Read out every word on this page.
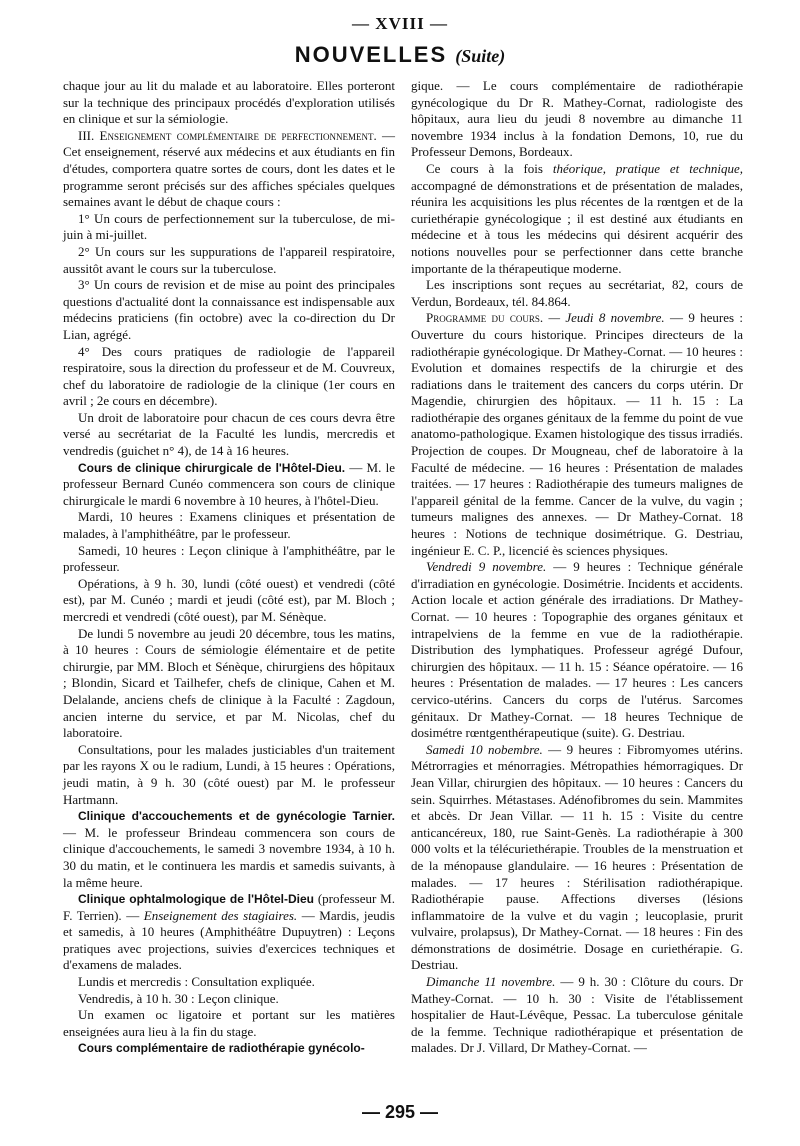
— XVIII —
NOUVELLES (Suite)

chaque jour au lit du malade et au laboratoire. Elles porteront sur la technique des principaux procédés d'exploration utilisés en clinique et sur la sémiologie.

III. Enseignement complémentaire de perfectionnement. — Cet enseignement, réservé aux médecins et aux étudiants en fin d'études, comportera quatre sortes de cours, dont les dates et le programme seront précisés sur des affiches spéciales quelques semaines avant le début de chaque cours :

1° Un cours de perfectionnement sur la tuberculose, de mi-juin à mi-juillet.

2° Un cours sur les suppurations de l'appareil respiratoire, aussitôt avant le cours sur la tuberculose.

3° Un cours de revision et de mise au point des principales questions d'actualité dont la connaissance est indispensable aux médecins praticiens (fin octobre) avec la co-direction du Dr Lian, agrégé.

4° Des cours pratiques de radiologie de l'appareil respiratoire, sous la direction du professeur et de M. Couvreux, chef du laboratoire de radiologie de la clinique (1er cours en avril ; 2e cours en décembre).

Un droit de laboratoire pour chacun de ces cours devra être versé au secrétariat de la Faculté les lundis, mercredis et vendredis (guichet n° 4), de 14 à 16 heures.

Cours de clinique chirurgicale de l'Hôtel-Dieu. — M. le professeur Bernard Cunéo commencera son cours de clinique chirurgicale le mardi 6 novembre à 10 heures, à l'hôtel-Dieu.

Mardi, 10 heures : Examens cliniques et présentation de malades, à l'amphithéâtre, par le professeur.

Samedi, 10 heures : Leçon clinique à l'amphithéâtre, par le professeur.

Opérations, à 9 h. 30, lundi (côté ouest) et vendredi (côté est), par M. Cunéo ; mardi et jeudi (côté est), par M. Bloch ; mercredi et vendredi (côté ouest), par M. Sénèque.

De lundi 5 novembre au jeudi 20 décembre, tous les matins, à 10 heures : Cours de sémiologie élémentaire et de petite chirurgie, par MM. Bloch et Sénèque, chirurgiens des hôpitaux ; Blondin, Sicard et Tailhefer, chefs de clinique, Cahen et M. Delalande, anciens chefs de clinique à la Faculté : Zagdoun, ancien interne du service, et par M. Nicolas, chef du laboratoire.

Consultations, pour les malades justiciables d'un traitement par les rayons X ou le radium, Lundi, à 15 heures : Opérations, jeudi matin, à 9 h. 30 (côté ouest) par M. le professeur Hartmann.

Clinique d'accouchements et de gynécologie Tarnier. — M. le professeur Brindeau commencera son cours de clinique d'accouchements, le samedi 3 novembre 1934, à 10 h. 30 du matin, et le continuera les mardis et samedis suivants, à la même heure.

Clinique ophtalmologique de l'Hôtel-Dieu (professeur M. F. Terrien). — Enseignement des stagiaires. — Mardis, jeudis et samedis, à 10 heures (Amphithéâtre Dupuytren) : Leçons pratiques avec projections, suivies d'exercices techniques et d'examens de malades.

Lundis et mercredis : Consultation expliquée.

Vendredis, à 10 h. 30 : Leçon clinique.

Un examen oc ligatoire et portant sur les matières enseignées aura lieu à la fin du stage.

Cours complémentaire de radiothérapie gynécolo-

gique. — Le cours complémentaire de radiothérapie gynécologique du Dr R. Mathey-Cornat, radiologiste des hôpitaux, aura lieu du jeudi 8 novembre au dimanche 11 novembre 1934 inclus à la fondation Demons, 10, rue du Professeur Demons, Bordeaux.

Ce cours à la fois théorique, pratique et technique, accompagné de démonstrations et de présentation de malades, réunira les acquisitions les plus récentes de la rœntgen et de la curiethérapie gynécologique ; il est destiné aux étudiants en médecine et à tous les médecins qui désirent acquérir des notions nouvelles pour se perfectionner dans cette branche importante de la thérapeutique moderne.

Les inscriptions sont reçues au secrétariat, 82, cours de Verdun, Bordeaux, tél. 84.864.

Programme du cours. — Jeudi 8 novembre. — 9 heures : Ouverture du cours historique. Principes directeurs de la radiothérapie gynécologique. Dr Mathey-Cornat. — 10 heures : Evolution et domaines respectifs de la chirurgie et des radiations dans le traitement des cancers du corps utérin. Dr Magendie, chirurgien des hôpitaux. — 11 h. 15 : La radiothérapie des organes génitaux de la femme du point de vue anatomo-pathologique. Examen histologique des tissus irradiés. Projection de coupes. Dr Mougneau, chef de laboratoire à la Faculté de médecine. — 16 heures : Présentation de malades traitées. — 17 heures : Radiothérapie des tumeurs malignes de l'appareil génital de la femme. Cancer de la vulve, du vagin ; tumeurs malignes des annexes. — Dr Mathey-Cornat. 18 heures : Notions de technique dosimétrique. G. Destriau, ingénieur E. C. P., licencié ès sciences physiques.

Vendredi 9 novembre. — 9 heures : Technique générale d'irradiation en gynécologie. Dosimétrie. Incidents et accidents. Action locale et action générale des irradiations. Dr Mathey-Cornat. — 10 heures : Topographie des organes génitaux et intrapelviens de la femme en vue de la radiothérapie. Distribution des lymphatiques. Professeur agrégé Dufour, chirurgien des hôpitaux. — 11 h. 15 : Séance opératoire. — 16 heures : Présentation de malades. — 17 heures : Les cancers cervico-utérins. Cancers du corps de l'utérus. Sarcomes génitaux. Dr Mathey-Cornat. — 18 heures Technique de dosimétre rœntgenthérapeutique (suite). G. Destriau.

Samedi 10 nobembre. — 9 heures : Fibromyomes utérins. Métrorragies et ménorragies. Métropathies hémorragiques. Dr Jean Villar, chirurgien des hôpitaux. — 10 heures : Cancers du sein. Squirrhes. Métastases. Adénofibromes du sein. Mammites et abcès. Dr Jean Villar. — 11 h. 15 : Visite du centre anticancéreux, 180, rue Saint-Genès. La radiothérapie à 300 000 volts et la télécuriethérapie. Troubles de la menstruation et de la ménopause glandulaire. — 16 heures : Présentation de malades. — 17 heures : Stérilisation radiothérapique. Radiothérapie pause. Affections diverses (lésions inflammatoire de la vulve et du vagin ; leucoplasie, prurit vulvaire, prolapsus), Dr Mathey-Cornat. — 18 heures : Fin des démonstrations de dosimétrie. Dosage en curiethérapie. G. Destriau.

Dimanche 11 novembre. — 9 h. 30 : Clôture du cours. Dr Mathey-Cornat. — 10 h. 30 : Visite de l'établissement hospitalier de Haut-Lévêque, Pessac. La tuberculose génitale de la femme. Technique radiothérapique et présentation de malades. Dr J. Villard, Dr Mathey-Cornat. —

— 295 —
